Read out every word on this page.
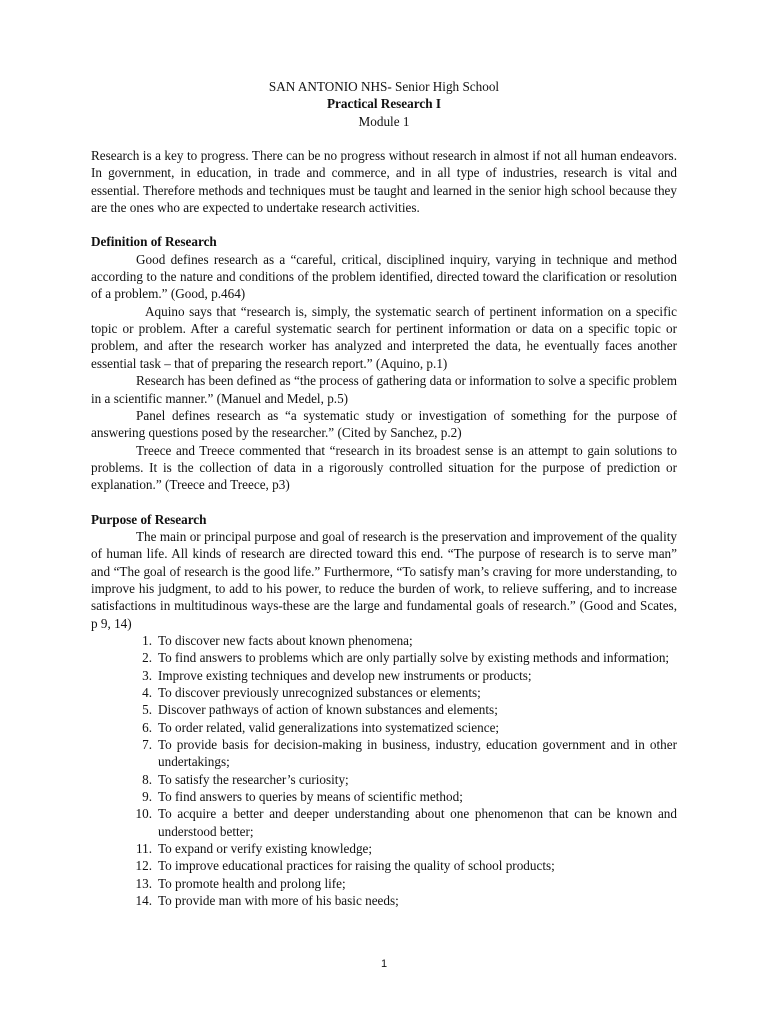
SAN ANTONIO NHS- Senior High School
Practical Research I
Module 1

Research is a key to progress. There can be no progress without research in almost if not all human endeavors. In government, in education, in trade and commerce, and in all type of industries, research is vital and essential. Therefore methods and techniques must be taught and learned in the senior high school because they are the ones who are expected to undertake research activities.

Definition of Research

Good defines research as a “careful, critical, disciplined inquiry, varying in technique and method according to the nature and conditions of the problem identified, directed toward the clarification or resolution of a problem.” (Good, p.464)

Aquino says that “research is, simply, the systematic search of pertinent information on a specific topic or problem. After a careful systematic search for pertinent information or data on a specific topic or problem, and after the research worker has analyzed and interpreted the data, he eventually faces another essential task – that of preparing the research report.” (Aquino, p.1)

Research has been defined as “the process of gathering data or information to solve a specific problem in a scientific manner.” (Manuel and Medel, p.5)

Panel defines research as “a systematic study or investigation of something for the purpose of answering questions posed by the researcher.” (Cited by Sanchez, p.2)

Treece and Treece commented that “research in its broadest sense is an attempt to gain solutions to problems. It is the collection of data in a rigorously controlled situation for the purpose of prediction or explanation.” (Treece and Treece, p3)

Purpose of Research

The main or principal purpose and goal of research is the preservation and improvement of the quality of human life. All kinds of research are directed toward this end. “The purpose of research is to serve man” and “The goal of research is the good life.” Furthermore, “To satisfy man’s craving for more understanding, to improve his judgment, to add to his power, to reduce the burden of work, to relieve suffering, and to increase satisfactions in multitudinous ways-these are the large and fundamental goals of research.” (Good and Scates, p 9, 14)

1. To discover new facts about known phenomena;
2. To find answers to problems which are only partially solve by existing methods and information;
3. Improve existing techniques and develop new instruments or products;
4. To discover previously unrecognized substances or elements;
5. Discover pathways of action of known substances and elements;
6. To order related, valid generalizations into systematized science;
7. To provide basis for decision-making in business, industry, education government and in other undertakings;
8. To satisfy the researcher’s curiosity;
9. To find answers to queries by means of scientific method;
10. To acquire a better and deeper understanding about one phenomenon that can be known and understood better;
11. To expand or verify existing knowledge;
12. To improve educational practices for raising the quality of school products;
13. To promote health and prolong life;
14. To provide man with more of his basic needs;
1
